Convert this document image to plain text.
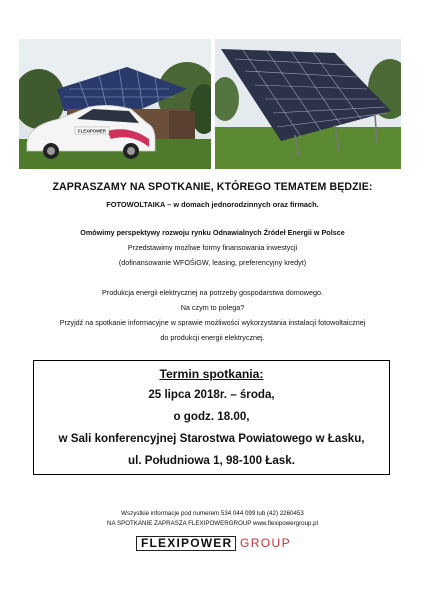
FLEXIPOWER
ZAPRASZAMY NA SPOTKANIE, KTÓREGO TEMATEM BĘDZIE:
FOTOWOLTAIKA – w domach jednorodzinnych oraz firmach.
Omówimy perspektywy rozwoju rynku Odnawialnych Źródeł Energii w Polsce
Przedstawimy możliwe formy finansowania inwestycji
(dofinansowanie WFOŚiGW, leasing, preferencyjny kredyt)
Produkcja energii elektrycznej na potrzeby gospodarstwa domowego.
Na czym to polega?
Przyjdź na spotkanie informacyjne w sprawie możliwości wykorzystania instalacji fotowoltaicznej
do produkcji energii elektrycznej.
Termin spotkania:
25 lipca 2018r. – środa,
o godz. 18.00,
w Sali konferencyjnej Starostwa Powiatowego w Łasku,
ul. Południowa 1, 98-100 Łask.
Wszystkie informacje pod numerem 534 044 099 lub (42) 2260453
NA SPOTKANIE ZAPRASZA FLEXIPOWERGROUP www.flexipowergroup.pl
FLEXIPOWER GROUP
